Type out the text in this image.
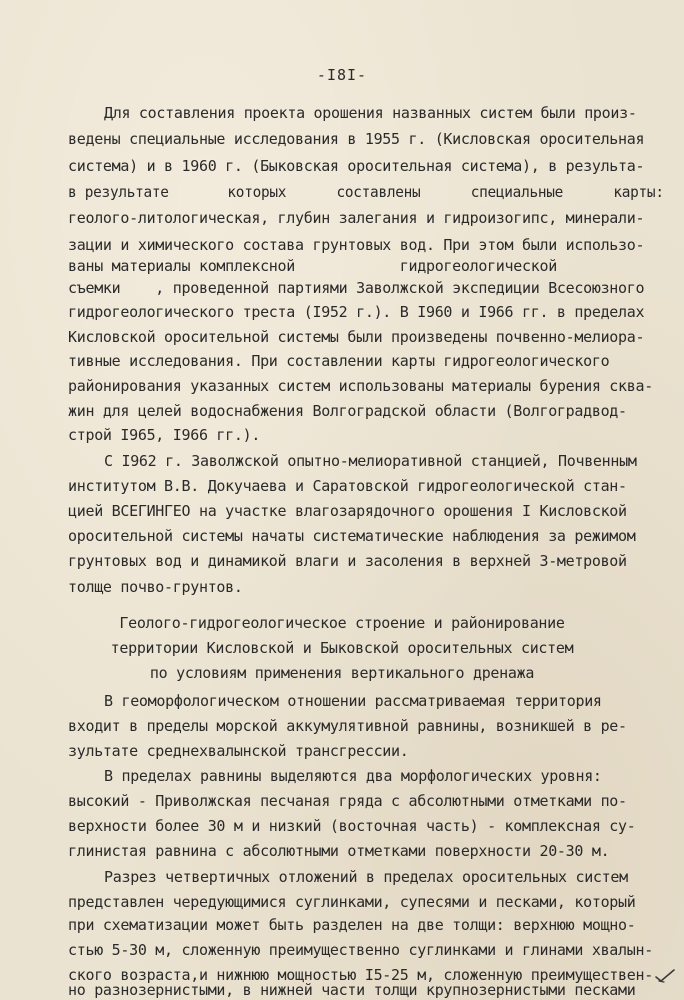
-I8I-
Для составления проекта орошения названных систем были произ-
ведены специальные исследования в 1955 г. (Кисловская оросительная
система) и в 1960 г. (Быковская оросительная система), в результа-
в результате       которых      составлены      специальные      карты:
геолого-литологическая, глубин залегания и гидроизогипс, минерали-
зации и химического состава грунтовых вод. При этом были использо-
ваны материалы комплексной            гидрогеологической
съемки    , проведенной партиями Заволжской экспедиции Всесоюзного
гидрогеологического треста (I952 г.). В I960 и I966 гг. в пределах
Кисловской оросительной системы были произведены почвенно-мелиора-
тивные исследования. При составлении карты гидрогеологического
районирования указанных систем использованы материалы бурения сква-
жин для целей водоснабжения Волгоградской области (Волгоградвод-
строй I965, I966 гг.).
С I962 г. Заволжской опытно-мелиоративной станцией, Почвенным
институтом В.В. Докучаева и Саратовской гидрогеологической стан-
цией ВСЕГИНГЕО на участке влагозарядочного орошения I Кисловской
оросительной системы начаты систематические наблюдения за режимом
грунтовых вод и динамикой влаги и засоления в верхней 3-метровой
толще почво-грунтов.
Геолого-гидрогеологическое строение и районирование
территории Кисловской и Быковской оросительных систем
по условиям применения вертикального дренажа
В геоморфологическом отношении рассматриваемая территория
входит в пределы морской аккумулятивной равнины, возникшей в ре-
зультате среднехвалынской трансгрессии.
В пределах равнины выделяются два морфологических уровня:
высокий - Приволжская песчаная гряда с абсолютными отметками по-
верхности более 30 м и низкий (восточная часть) - комплексная су-
глинистая равнина с абсолютными отметками поверхности 20-30 м.
Разрез четвертичных отложений в пределах оросительных систем
представлен чередующимися суглинками, супесями и песками, который
при схематизации может быть разделен на две толщи: верхнюю мощно-
стью 5-30 м, сложенную преимущественно суглинками и глинами хвалын-
ского возраста,и нижнюю мощностью I5-25 м, сложенную преимуществен-
но разнозернистыми, в нижней части толщи крупнозернистыми песками
